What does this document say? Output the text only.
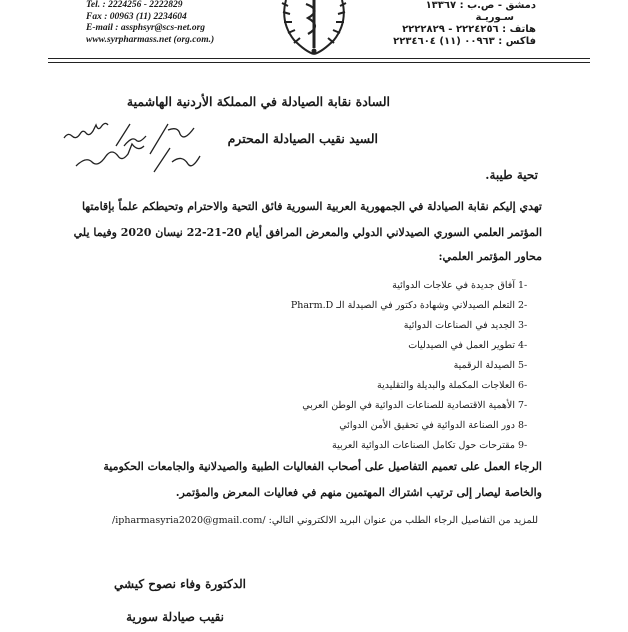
Tel. : 2224256 - 2222829
Fax : 00963 (11) 2234604
E-mail : assphsyr@scs-net.org
www.syrpharmass.net (org.com.)
دمشق - ص.ب : ١٣٣٦٧
سـوريـة
هاتف : ٢٢٢٤٢٥٦ - ٢٢٢٢٨٢٩
فاكس : ٠٠٩٦٣ (١١) ٢٢٣٤٦٠٤
السادة نقابة الصيادلة في المملكة الأردنية الهاشمية
السيد نقيب الصيادلة المحترم
تحية طيبة.
تهدي إليكم نقابة الصيادلة في الجمهورية العربية السورية فائق التحية والاحترام وتحيطكم علماً بإقامتها
المؤتمر العلمي السوري الصيدلاني الدولي والمعرض المرافق أيام 20-21-22 نيسان 2020 وفيما يلي
محاور المؤتمر العلمي:
-1 آفاق جديدة في علاجات الدوائية
-2 التعلم الصيدلاني وشهادة دكتور في الصيدلة الـ Pharm.D
-3 الجديد في الصناعات الدوائية
-4 تطوير العمل في الصيدليات
-5 الصيدلة الرقمية
-6 العلاجات المكملة والبديلة والتقليدية
-7 الأهمية الاقتصادية للصناعات الدوائية في الوطن العربي
-8 دور الصناعة الدوائية في تحقيق الأمن الدوائي
-9 مقترحات حول تكامل الصناعات الدوائية العربية
الرجاء العمل على تعميم التفاصيل على أصحاب الفعاليات الطبية والصيدلانية والجامعات الحكومية
والخاصة ليصار إلى ترتيب اشتراك المهتمين منهم في فعاليات المعرض والمؤتمر.
للمزيد من التفاصيل الرجاء الطلب من عنوان البريد الالكتروني التالي: /ipharmasyria2020@gmail.com/
الدكتورة وفاء نصوح كيشي
نقيب صيادلة سورية
